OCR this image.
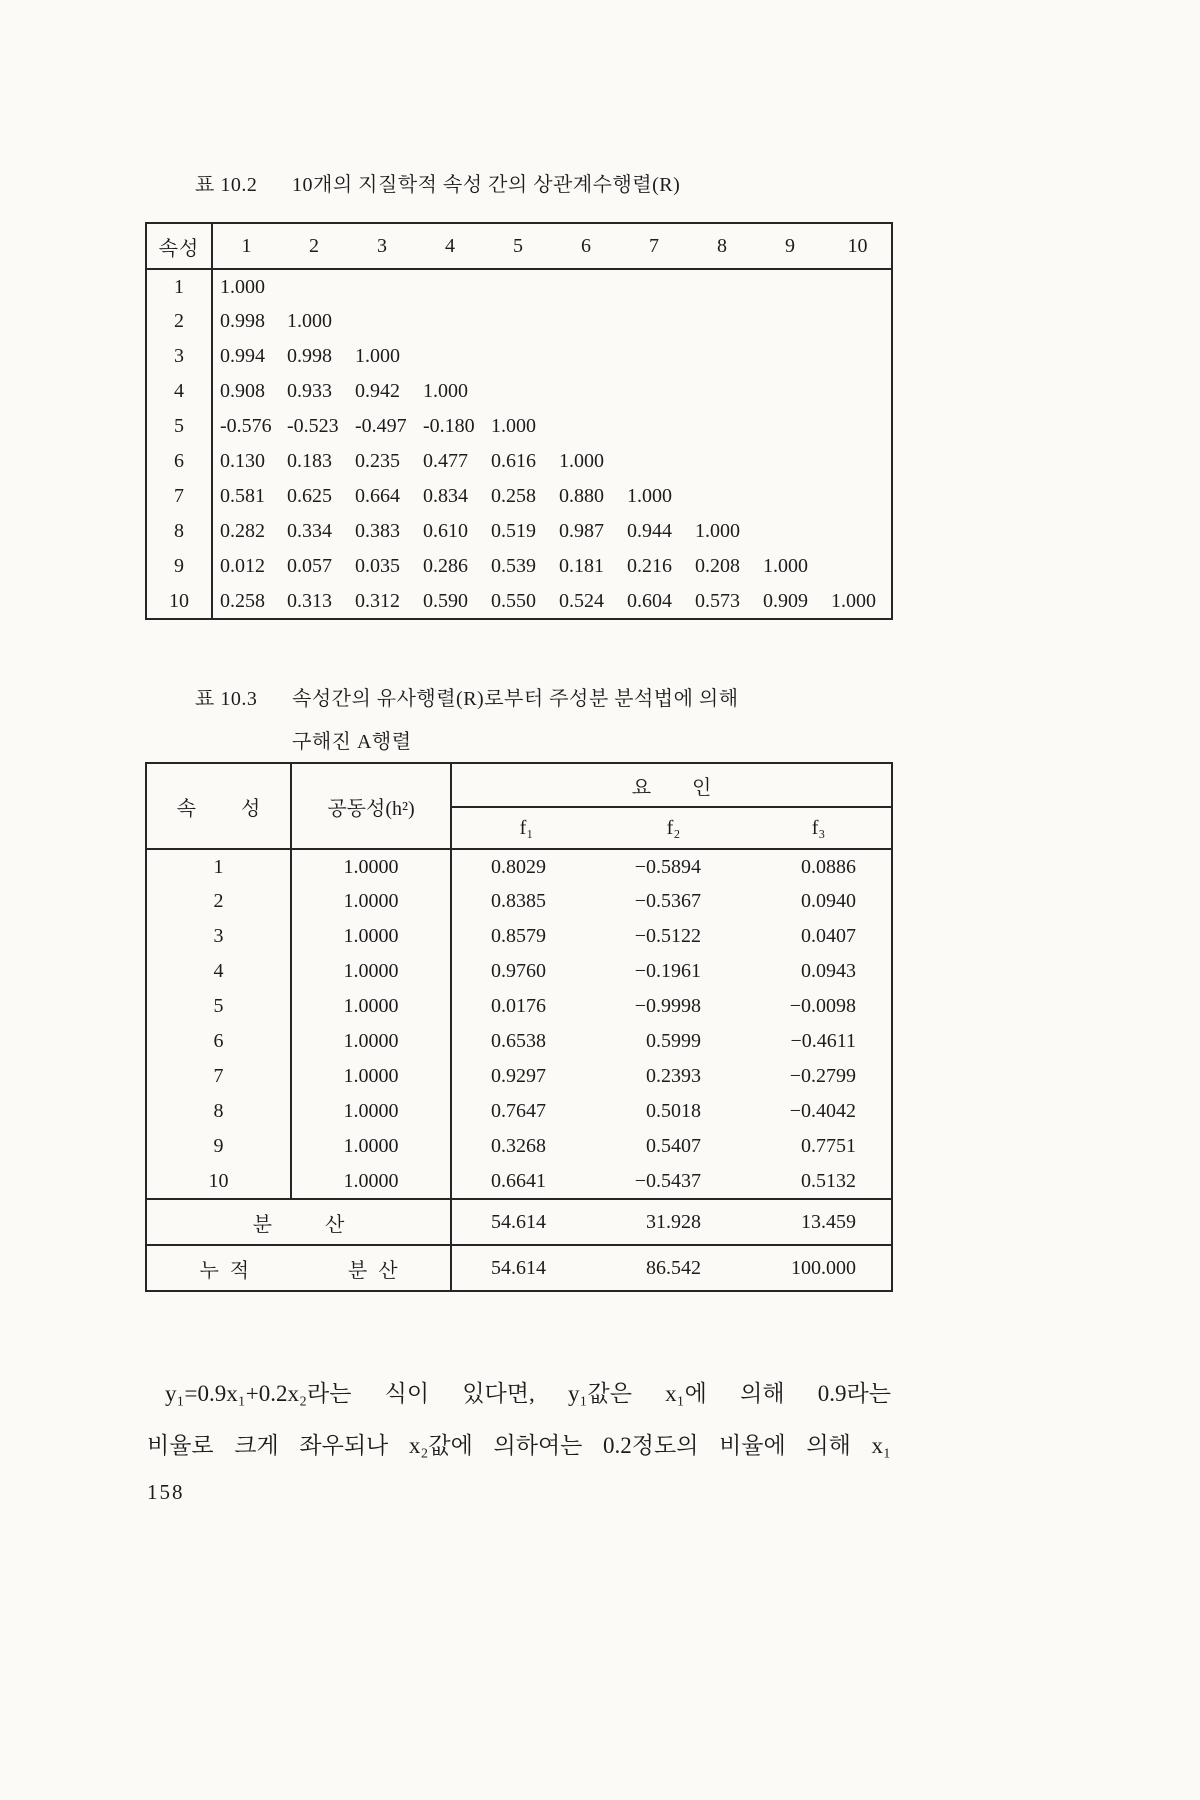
표 10.2 10개의 지질학적 속성 간의 상관계수행렬(R)
속성	1	2	3	4	5	6	7	8	9	10
1	1.000									
2	0.998	1.000								
3	0.994	0.998	1.000							
4	0.908	0.933	0.942	1.000						
5	-0.576	-0.523	-0.497	-0.180	1.000					
6	0.130	0.183	0.235	0.477	0.616	1.000				
7	0.581	0.625	0.664	0.834	0.258	0.880	1.000			
8	0.282	0.334	0.383	0.610	0.519	0.987	0.944	1.000		
9	0.012	0.057	0.035	0.286	0.539	0.181	0.216	0.208	1.000	
10	0.258	0.313	0.312	0.590	0.550	0.524	0.604	0.573	0.909	1.000
표 10.3 속성간의 유사행렬(R)로부터 주성분 분석법에 의해
구해진 A행렬
속 성	공동성(h²)	요 인		
		f₁	f₂	f₃
1	1.0000	0.8029	−0.5894	0.0886
2	1.0000	0.8385	−0.5367	0.0940
3	1.0000	0.8579	−0.5122	0.0407
4	1.0000	0.9760	−0.1961	0.0943
5	1.0000	0.0176	−0.9998	−0.0098
6	1.0000	0.6538	0.5999	−0.4611
7	1.0000	0.9297	0.2393	−0.2799
8	1.0000	0.7647	0.5018	−0.4042
9	1.0000	0.3268	0.5407	0.7751
10	1.0000	0.6641	−0.5437	0.5132
분 산		54.614	31.928	13.459
누 적 분 산		54.614	86.542	100.000
y₁=0.9x₁+0.2x₂라는 식이 있다면, y₁값은 x₁에 의해 0.9라는
비율로 크게 좌우되나 x₂값에 의하여는 0.2정도의 비율에 의해 x₁
158
